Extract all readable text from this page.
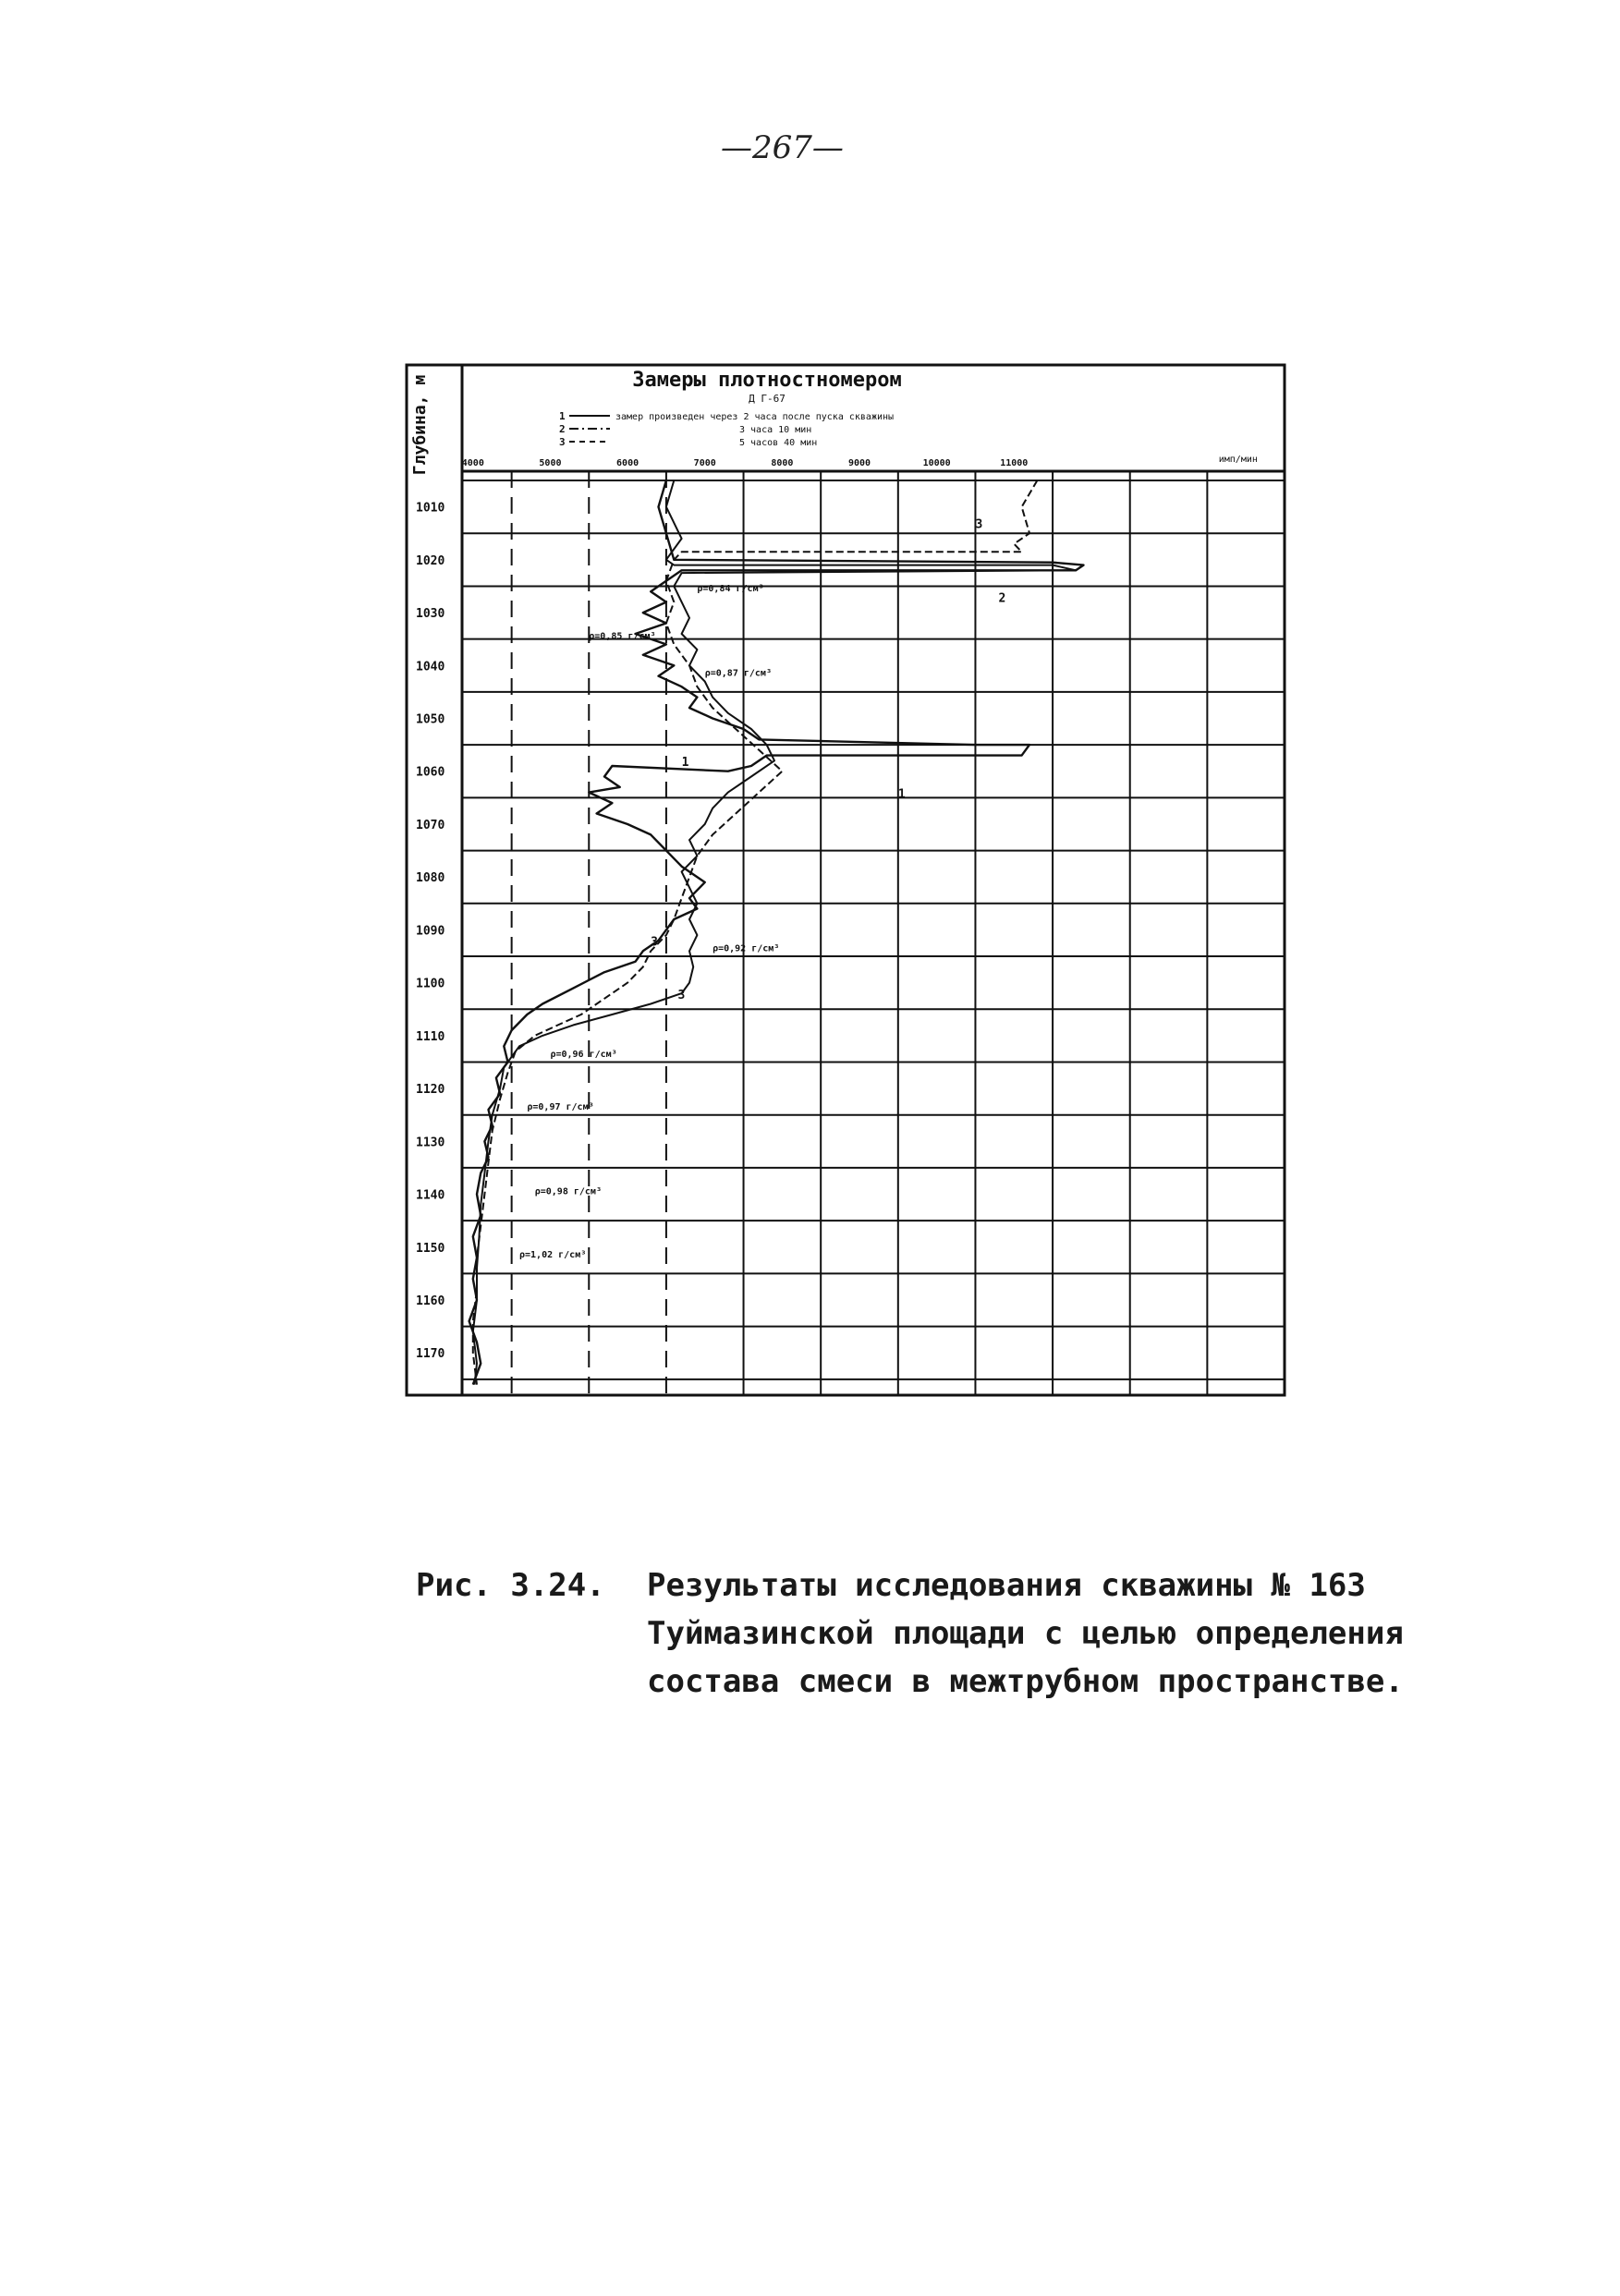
—267—
Глубина, м	Замеры плотностномером
Д Г-67
1	замер произведен через 2 часа после пуска скважины
2	3 часа 10 мин
3	5 часов 40 мин
4000	5000	6000	7000	8000	9000	10000	11000	имп/мин
1010
1020
1030
1040
1050
1060
1070
1080
1090
1100
1110
1120
1130
1140
1150
1160
1170
ρ=0,84 г/см³
ρ=0,85 г/см³
ρ=0,87 г/см³
ρ=0,92 г/см³
ρ=0,96 г/см³
ρ=0,97 г/см³
ρ=0,98 г/см³
ρ=1,02 г/см³
1
2
3
1
3
3
Рис. 3.24. Результаты исследования скважины № 163
Туймазинской площади с целью определения
состава смеси в межтрубном пространстве.
